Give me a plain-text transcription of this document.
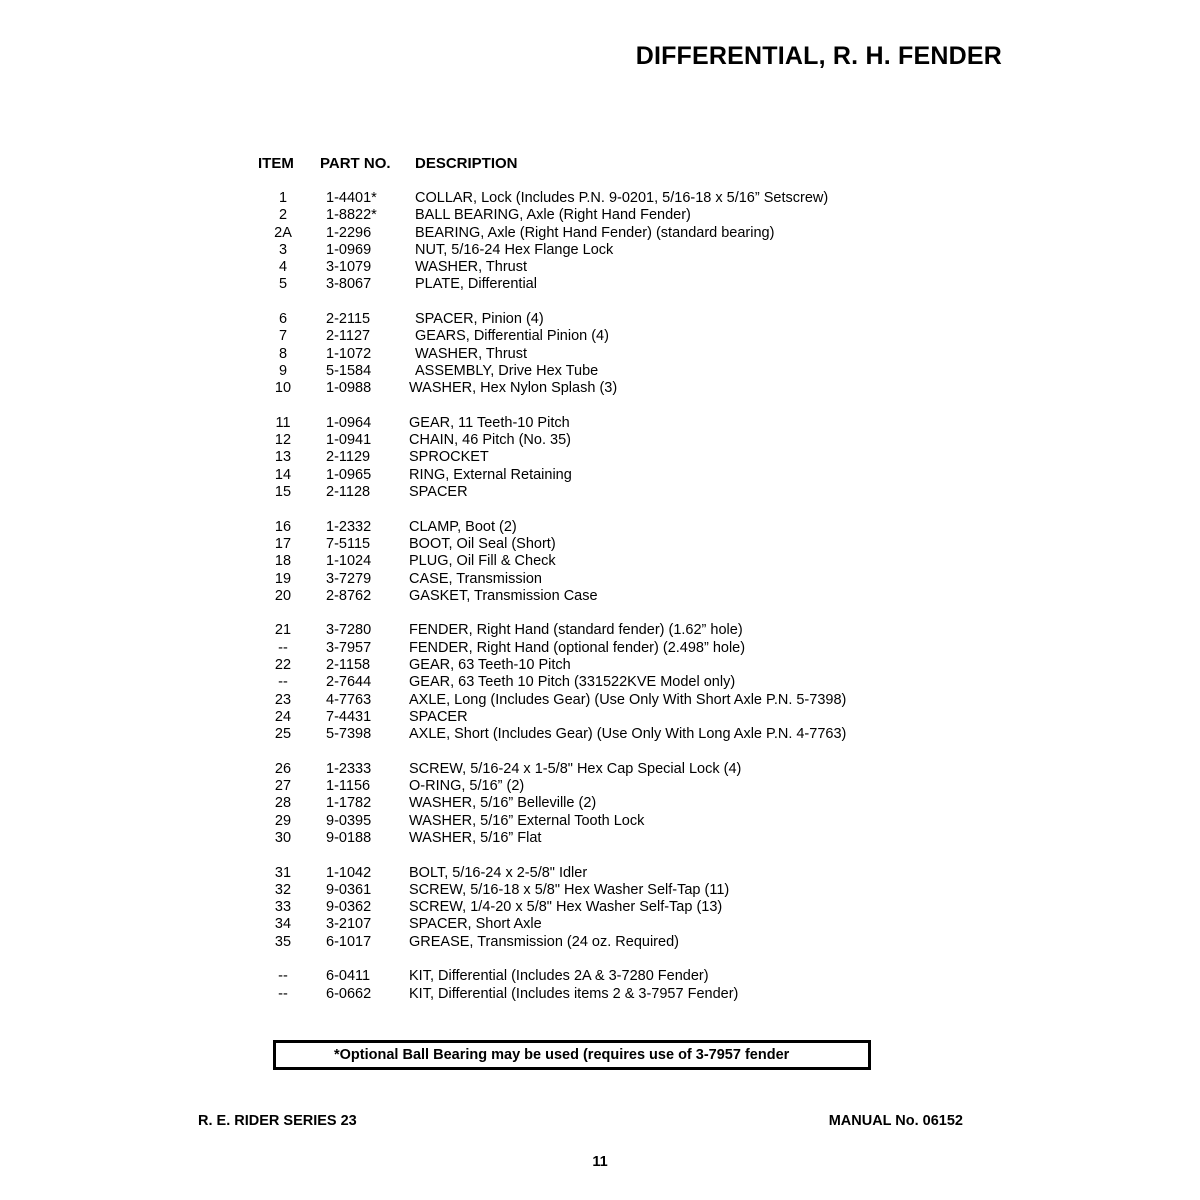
DIFFERENTIAL, R. H. FENDER
ITEM PART NO. DESCRIPTION
1	1-4401*	COLLAR, Lock (Includes P.N. 9-0201, 5/16-18 x 5/16” Setscrew)
2	1-8822*	BALL BEARING, Axle (Right Hand Fender)
2A	1-2296	BEARING, Axle (Right Hand Fender) (standard bearing)
3	1-0969	NUT, 5/16-24 Hex Flange Lock
4	3-1079	WASHER, Thrust
5	3-8067	PLATE, Differential
6	2-2115	SPACER, Pinion (4)
7	2-1127	GEARS, Differential Pinion (4)
8	1-1072	WASHER, Thrust
9	5-1584	ASSEMBLY, Drive Hex Tube
10	1-0988	WASHER, Hex Nylon Splash (3)
11	1-0964	GEAR, 11 Teeth-10 Pitch
12	1-0941	CHAIN, 46 Pitch (No. 35)
13	2-1129	SPROCKET
14	1-0965	RING, External Retaining
15	2-1128	SPACER
16	1-2332	CLAMP, Boot (2)
17	7-5115	BOOT, Oil Seal (Short)
18	1-1024	PLUG, Oil Fill & Check
19	3-7279	CASE, Transmission
20	2-8762	GASKET, Transmission Case
21	3-7280	FENDER, Right Hand (standard fender) (1.62” hole)
--	3-7957	FENDER, Right Hand (optional fender) (2.498” hole)
22	2-1158	GEAR, 63 Teeth-10 Pitch
--	2-7644	GEAR, 63 Teeth 10 Pitch (331522KVE Model only)
23	4-7763	AXLE, Long (Includes Gear) (Use Only With Short Axle P.N. 5-7398)
24	7-4431	SPACER
25	5-7398	AXLE, Short (Includes Gear) (Use Only With Long Axle P.N. 4-7763)
26	1-2333	SCREW, 5/16-24 x 1-5/8" Hex Cap Special Lock (4)
27	1-1156	O-RING, 5/16” (2)
28	1-1782	WASHER, 5/16” Belleville (2)
29	9-0395	WASHER, 5/16” External Tooth Lock
30	9-0188	WASHER, 5/16” Flat
31	1-1042	BOLT, 5/16-24 x 2-5/8" Idler
32	9-0361	SCREW, 5/16-18 x 5/8" Hex Washer Self-Tap (11)
33	9-0362	SCREW, 1/4-20 x 5/8" Hex Washer Self-Tap (13)
34	3-2107	SPACER, Short Axle
35	6-1017	GREASE, Transmission (24 oz. Required)
--	6-0411	KIT, Differential (Includes 2A & 3-7280 Fender)
--	6-0662	KIT, Differential (Includes items 2 & 3-7957 Fender)
*Optional Ball Bearing may be used (requires use of 3-7957 fender
R. E. RIDER SERIES 23	MANUAL No. 06152
11
